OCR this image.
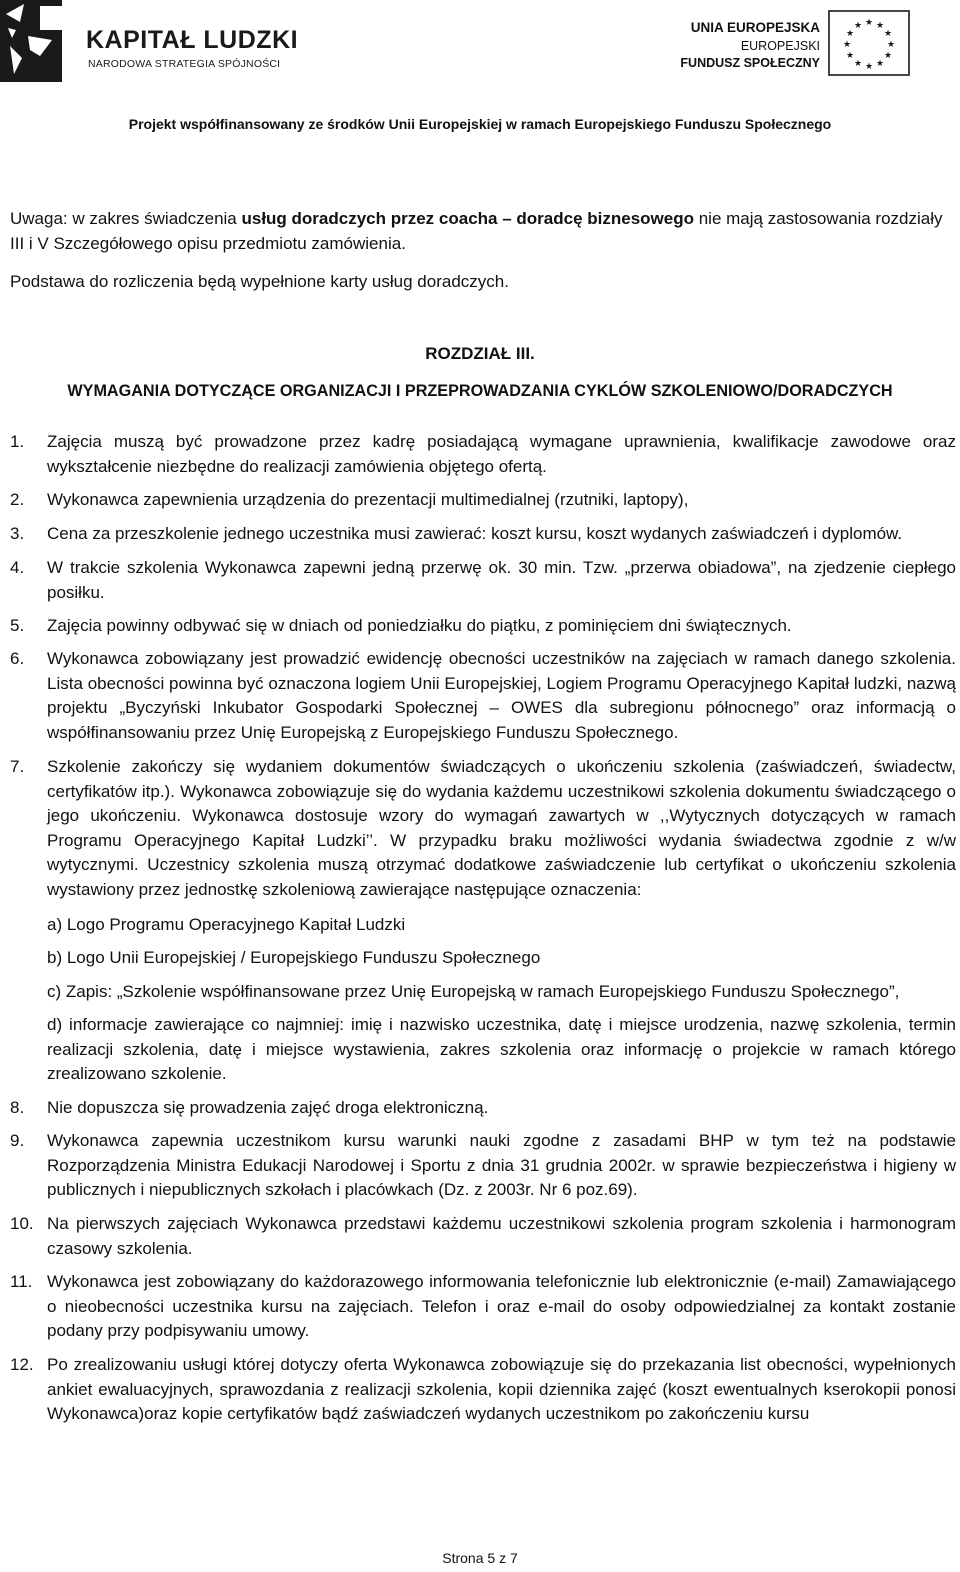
KAPITAŁ LUDZKI
NARODOWA STRATEGIA SPÓJNOŚCI
UNIA EUROPEJSKA
EUROPEJSKI
FUNDUSZ SPOŁECZNY
★ ★
★
★
★
★
★
★
★
★
★
★
Projekt współfinansowany ze środków Unii Europejskiej w ramach Europejskiego Funduszu Społecznego
Uwaga: w zakres świadczenia usług doradczych przez coacha – doradcę biznesowego nie mają zastosowania rozdziały III i V Szczegółowego opisu przedmiotu zamówienia.
Podstawa do rozliczenia będą wypełnione karty usług doradczych.
ROZDZIAŁ III.
WYMAGANIA DOTYCZĄCE ORGANIZACJI I PRZEPROWADZANIA CYKLÓW SZKOLENIOWO/DORADCZYCH
1.	Zajęcia muszą być prowadzone przez kadrę posiadającą wymagane uprawnienia, kwalifikacje zawodowe oraz wykształcenie niezbędne do realizacji zamówienia objętego ofertą.
2.	Wykonawca zapewnienia urządzenia do prezentacji multimedialnej (rzutniki, laptopy),
3.	Cena za przeszkolenie jednego uczestnika musi zawierać: koszt kursu, koszt wydanych zaświadczeń i dyplomów.
4.	W trakcie szkolenia Wykonawca zapewni jedną przerwę ok. 30 min. Tzw. „przerwa obiadowa”, na zjedzenie ciepłego posiłku.
5.	Zajęcia powinny odbywać się w dniach od poniedziałku do piątku, z pominięciem dni świątecznych.
6.	Wykonawca zobowiązany jest prowadzić ewidencję obecności uczestników na zajęciach w ramach danego szkolenia. Lista obecności powinna być oznaczona logiem Unii Europejskiej, Logiem Programu Operacyjnego Kapitał ludzki, nazwą projektu „Byczyński Inkubator Gospodarki Społecznej – OWES dla subregionu północnego” oraz informacją o współfinansowaniu przez Unię Europejską z Europejskiego Funduszu Społecznego.
7.	Szkolenie zakończy się wydaniem dokumentów świadczących o ukończeniu szkolenia (zaświadczeń, świadectw, certyfikatów itp.). Wykonawca zobowiązuje się do wydania każdemu uczestnikowi szkolenia dokumentu świadczącego o jego ukończeniu. Wykonawca dostosuje wzory do wymagań zawartych w ,,Wytycznych dotyczących w ramach Programu Operacyjnego Kapitał Ludzki’’. W przypadku braku możliwości wydania świadectwa zgodnie z w/w wytycznymi. Uczestnicy szkolenia muszą otrzymać dodatkowe zaświadczenie lub certyfikat o ukończeniu szkolenia wystawiony przez jednostkę szkoleniową zawierające następujące oznaczenia:
a) Logo Programu Operacyjnego Kapitał Ludzki
b) Logo Unii Europejskiej / Europejskiego Funduszu Społecznego
c) Zapis: „Szkolenie współfinansowane przez Unię Europejską w ramach Europejskiego Funduszu Społecznego”,
d) informacje zawierające co najmniej: imię i nazwisko uczestnika, datę i miejsce urodzenia, nazwę szkolenia, termin realizacji szkolenia, datę i miejsce wystawienia, zakres szkolenia oraz informację o projekcie w ramach którego zrealizowano szkolenie.
8.	Nie dopuszcza się prowadzenia zajęć droga elektroniczną.
9.	Wykonawca zapewnia uczestnikom kursu warunki nauki zgodne z zasadami BHP w tym też na podstawie Rozporządzenia Ministra Edukacji Narodowej i Sportu z dnia 31 grudnia 2002r. w sprawie bezpieczeństwa i higieny w publicznych i niepublicznych szkołach i placówkach (Dz. z 2003r. Nr 6 poz.69).
10. Na pierwszych zajęciach Wykonawca przedstawi każdemu uczestnikowi szkolenia program szkolenia i harmonogram czasowy szkolenia.
11. Wykonawca jest zobowiązany do każdorazowego informowania telefonicznie lub elektronicznie (e-mail) Zamawiającego o nieobecności uczestnika kursu na zajęciach. Telefon i oraz e-mail do osoby odpowiedzialnej za kontakt zostanie podany przy podpisywaniu umowy.
12. Po zrealizowaniu usługi której dotyczy oferta Wykonawca zobowiązuje się do przekazania list obecności, wypełnionych ankiet ewaluacyjnych, sprawozdania z realizacji szkolenia, kopii dziennika zajęć (koszt ewentualnych kserokopii ponosi Wykonawca)oraz kopie certyfikatów bądź zaświadczeń wydanych uczestnikom po zakończeniu kursu
Strona 5 z 7
